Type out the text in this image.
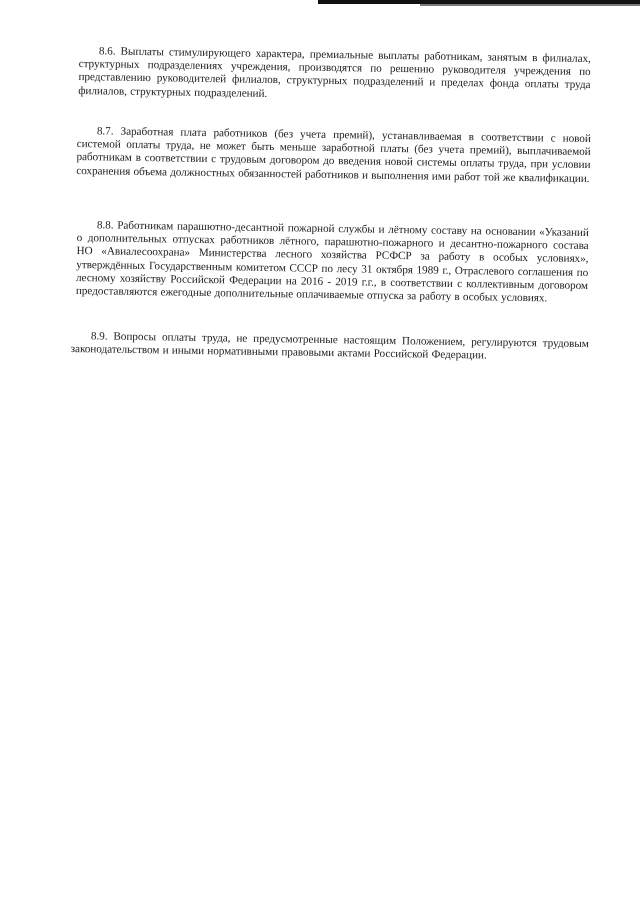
8.6. Выплаты стимулирующего характера, премиальные выплаты работникам, занятым в филиалах, структурных подразделениях учреждения, производятся по решению руководителя учреждения по представлению руководителей филиалов, структурных подразделений и пределах фонда оплаты труда филиалов, структурных подразделений.

8.7. Заработная плата работников (без учета премий), устанавливаемая в соответствии с новой системой оплаты труда, не может быть меньше заработной платы (без учета премий), выплачиваемой работникам в соответствии с трудовым договором до введения новой системы оплаты труда, при условии сохранения объема должностных обязанностей работников и выполнения ими работ той же квалификации.

8.8. Работникам парашютно-десантной пожарной службы и лётному составу на основании «Указаний о дополнительных отпусках работников лётного, парашютно-пожарного и десантно-пожарного состава НО «Авиалесоохрана» Министерства лесного хозяйства РСФСР за работу в особых условиях», утверждённых Государственным комитетом СССР по лесу 31 октября 1989 г., Отраслевого соглашения по лесному хозяйству Российской Федерации на 2016 - 2019 г.г., в соответствии с коллективным договором предоставляются ежегодные дополнительные оплачиваемые отпуска за работу в особых условиях.

8.9. Вопросы оплаты труда, не предусмотренные настоящим Положением, регулируются трудовым законодательством и иными нормативными правовыми актами Российской Федерации.
